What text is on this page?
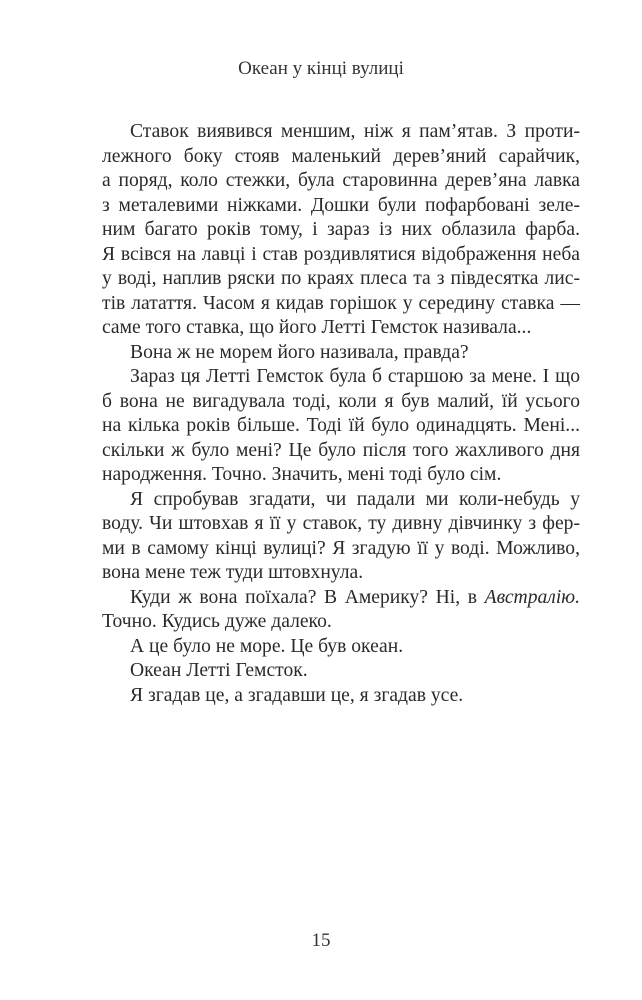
Океан у кінці вулиці
Ставок виявився меншим, ніж я пам’ятав. З проти-
лежного боку стояв маленький дерев’яний сарайчик,
а поряд, коло стежки, була старовинна дерев’яна лавка
з металевими ніжками. Дошки були пофарбовані зеле-
ним багато років тому, і зараз із них облазила фарба.
Я всівся на лавці і став роздивлятися відображення неба
у воді, наплив ряски по краях плеса та з півдесятка лис-
тів латаття. Часом я кидав горішок у середину ставка —
саме того ставка, що його Летті Гемсток називала...
Вона ж не морем його називала, правда?
Зараз ця Летті Гемсток була б старшою за мене. І що
б вона не вигадувала тоді, коли я був малий, їй усього
на кілька років більше. Тоді їй було одинадцять. Мені...
скільки ж було мені? Це було після того жахливого дня
народження. Точно. Значить, мені тоді було сім.
Я спробував згадати, чи падали ми коли-небудь у
воду. Чи штовхав я її у ставок, ту дивну дівчинку з фер-
ми в самому кінці вулиці? Я згадую її у воді. Можливо,
вона мене теж туди штовхнула.
Куди ж вона поїхала? В Америку? Ні, в Австралію.
Точно. Кудись дуже далеко.
А це було не море. Це був океан.
Океан Летті Гемсток.
Я згадав це, а згадавши це, я згадав усе.
15
